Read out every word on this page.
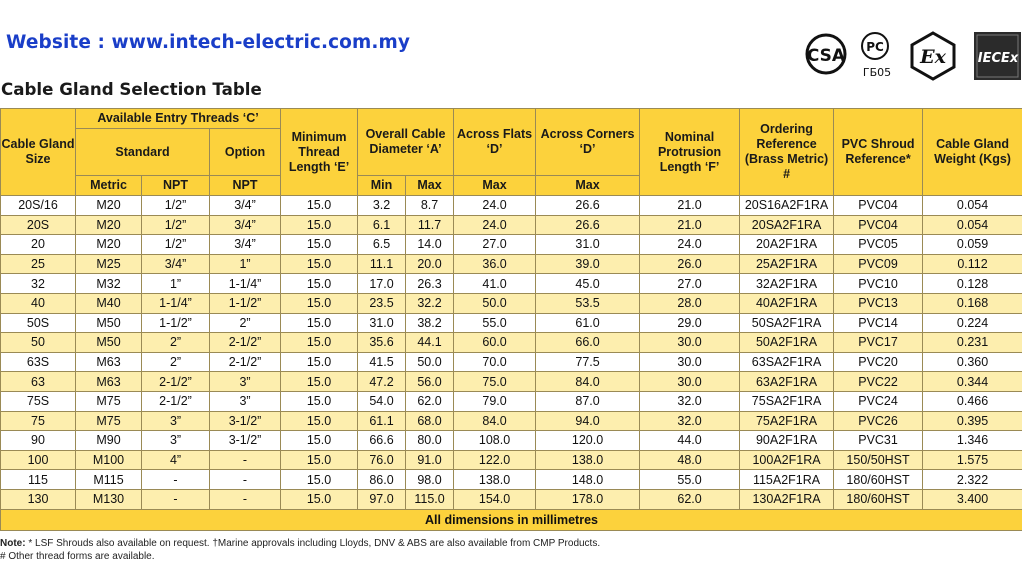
Website : www.intech-electric.com.my
CSA PC
ГБ05
Ex IECEx
Cable Gland Selection Table
Cable Gland Size	Available Entry Threads ‘C’			Minimum Thread Length ‘E’	Overall Cable Diameter ‘A’		Across Flats ‘D’	Across Corners ‘D’	Nominal Protrusion Length ‘F’	Ordering Reference (Brass Metric) #	PVC Shroud Reference*	Cable Gland Weight (Kgs)
	Standard		Option									
	Metric	NPT	NPT		Min	Max	Max	Max				
20S/16	M20	1/2”	3/4”	15.0	3.2	8.7	24.0	26.6	21.0	20S16A2F1RA	PVC04	0.054
20S	M20	1/2”	3/4”	15.0	6.1	11.7	24.0	26.6	21.0	20SA2F1RA	PVC04	0.054
20	M20	1/2”	3/4”	15.0	6.5	14.0	27.0	31.0	24.0	20A2F1RA	PVC05	0.059
25	M25	3/4”	1”	15.0	11.1	20.0	36.0	39.0	26.0	25A2F1RA	PVC09	0.112
32	M32	1”	1-1/4”	15.0	17.0	26.3	41.0	45.0	27.0	32A2F1RA	PVC10	0.128
40	M40	1-1/4”	1-1/2”	15.0	23.5	32.2	50.0	53.5	28.0	40A2F1RA	PVC13	0.168
50S	M50	1-1/2”	2”	15.0	31.0	38.2	55.0	61.0	29.0	50SA2F1RA	PVC14	0.224
50	M50	2”	2-1/2”	15.0	35.6	44.1	60.0	66.0	30.0	50A2F1RA	PVC17	0.231
63S	M63	2”	2-1/2”	15.0	41.5	50.0	70.0	77.5	30.0	63SA2F1RA	PVC20	0.360
63	M63	2-1/2”	3”	15.0	47.2	56.0	75.0	84.0	30.0	63A2F1RA	PVC22	0.344
75S	M75	2-1/2”	3”	15.0	54.0	62.0	79.0	87.0	32.0	75SA2F1RA	PVC24	0.466
75	M75	3”	3-1/2”	15.0	61.1	68.0	84.0	94.0	32.0	75A2F1RA	PVC26	0.395
90	M90	3”	3-1/2”	15.0	66.6	80.0	108.0	120.0	44.0	90A2F1RA	PVC31	1.346
100	M100	4”	-	15.0	76.0	91.0	122.0	138.0	48.0	100A2F1RA	150/50HST	1.575
115	M115	-	-	15.0	86.0	98.0	138.0	148.0	55.0	115A2F1RA	180/60HST	2.322
130	M130	-	-	15.0	97.0	115.0	154.0	178.0	62.0	130A2F1RA	180/60HST	3.400
All dimensions in millimetres												
Note: * LSF Shrouds also available on request. †Marine approvals including Lloyds, DNV & ABS are also available from CMP Products.
# Other thread forms are available.
